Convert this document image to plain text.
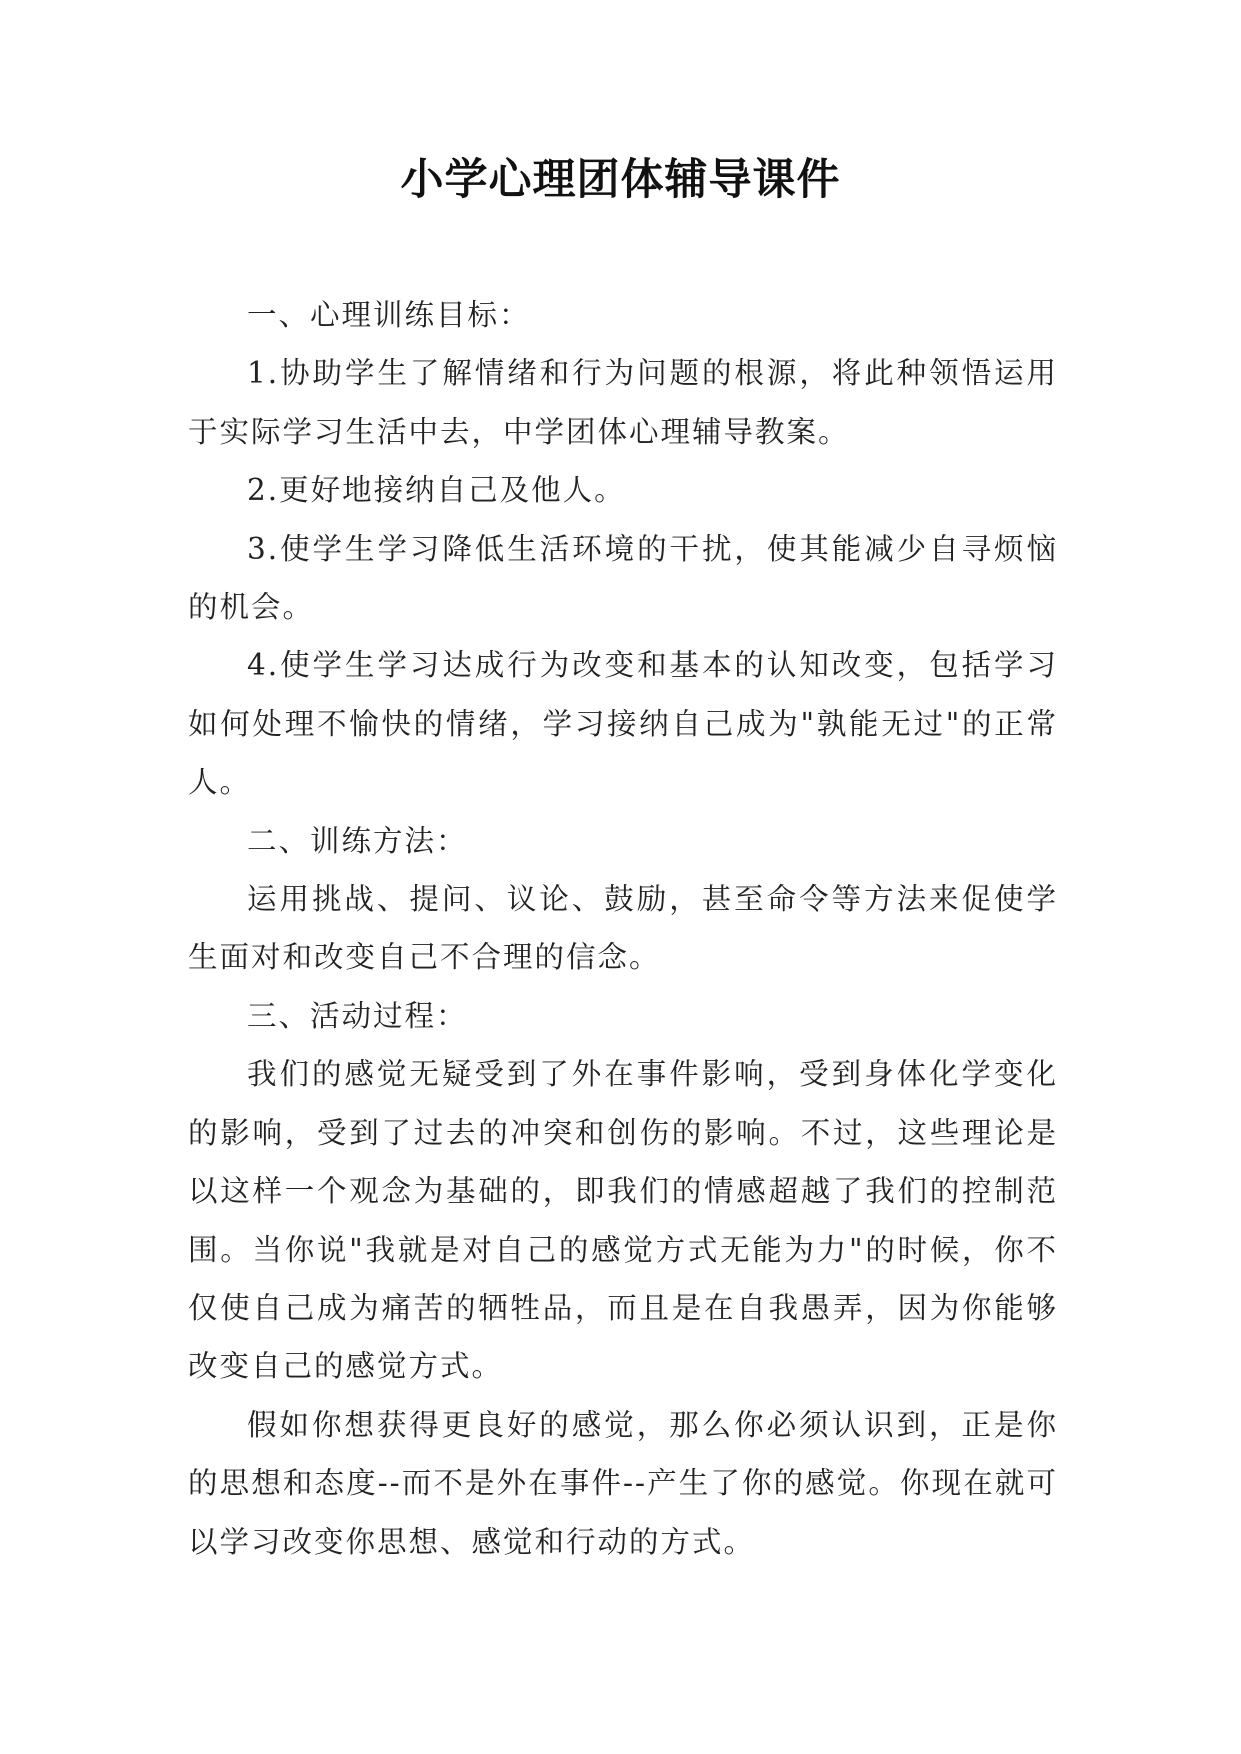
小学心理团体辅导课件

一、心理训练目标：

1.协助学生了解情绪和行为问题的根源，将此种领悟运用于实际学习生活中去，中学团体心理辅导教案。

2.更好地接纳自己及他人。

3.使学生学习降低生活环境的干扰，使其能减少自寻烦恼的机会。

4.使学生学习达成行为改变和基本的认知改变，包括学习如何处理不愉快的情绪，学习接纳自己成为"孰能无过"的正常人。

二、训练方法：

运用挑战、提问、议论、鼓励，甚至命令等方法来促使学生面对和改变自己不合理的信念。

三、活动过程：

我们的感觉无疑受到了外在事件影响，受到身体化学变化的影响，受到了过去的冲突和创伤的影响。不过，这些理论是以这样一个观念为基础的，即我们的情感超越了我们的控制范围。当你说"我就是对自己的感觉方式无能为力"的时候，你不仅使自己成为痛苦的牺牲品，而且是在自我愚弄，因为你能够改变自己的感觉方式。

假如你想获得更良好的感觉，那么你必须认识到，正是你的思想和态度--而不是外在事件--产生了你的感觉。你现在就可以学习改变你思想、感觉和行动的方式。
